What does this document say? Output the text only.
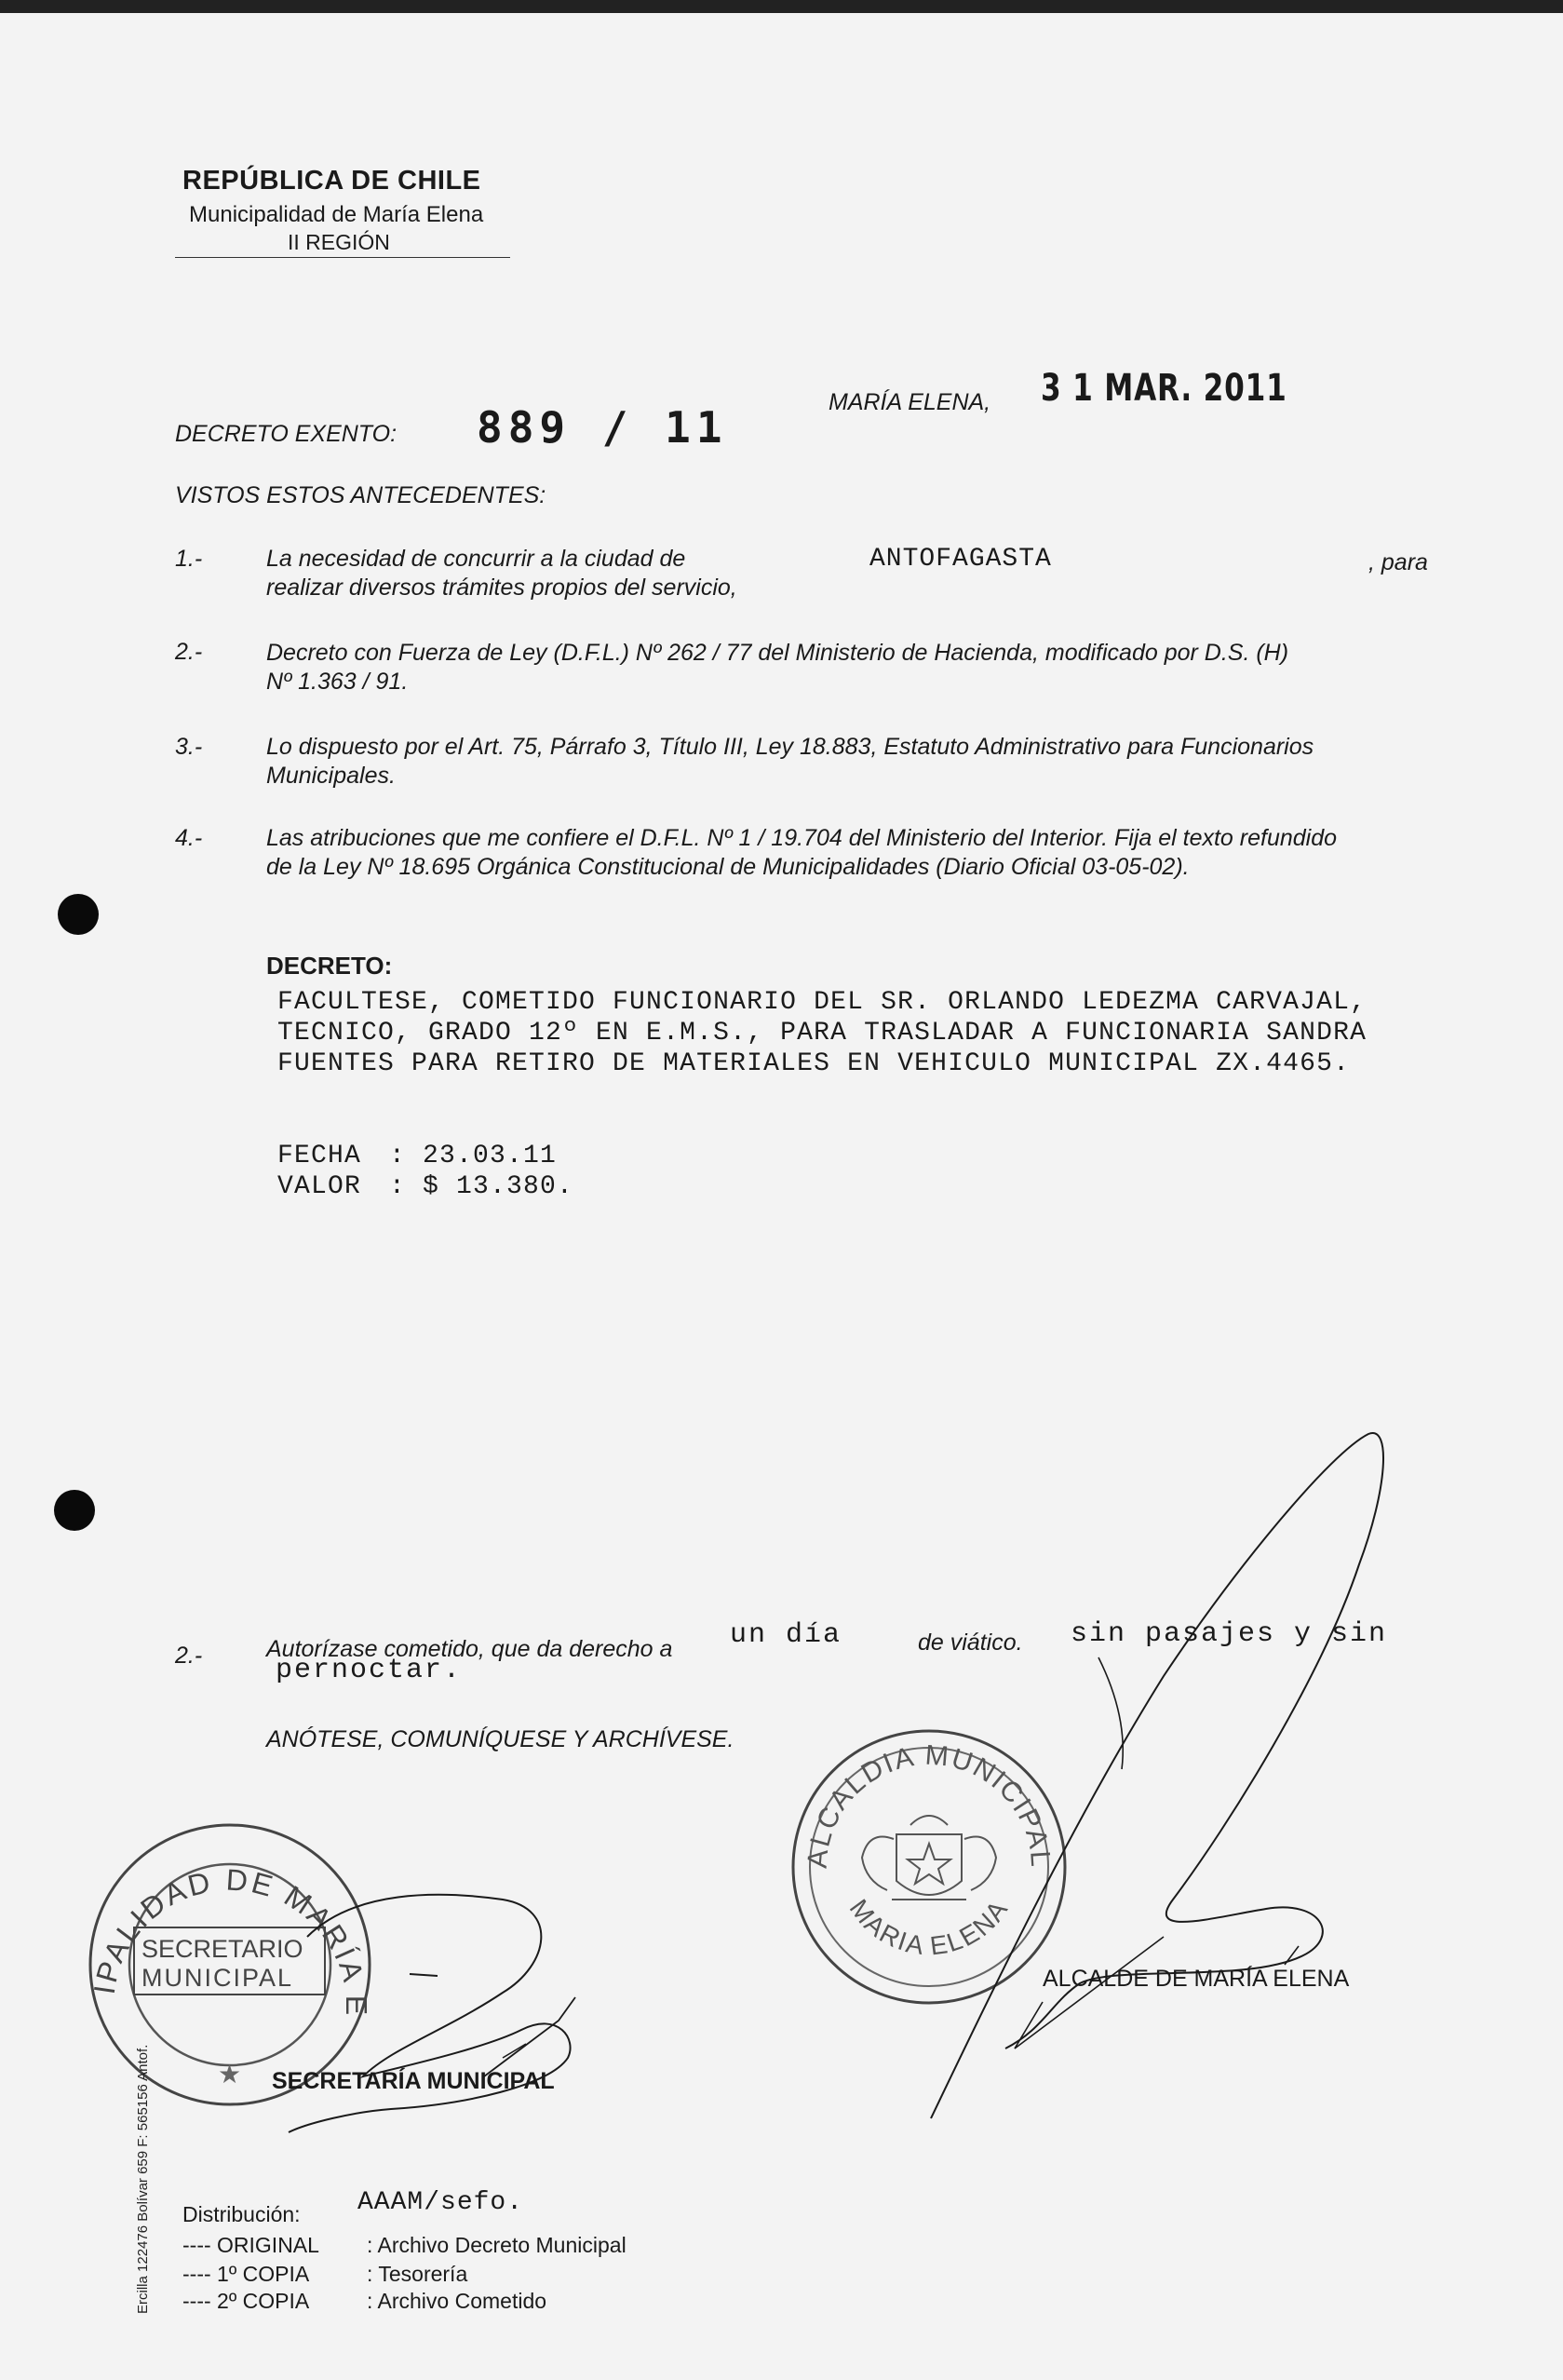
REPÚBLICA DE CHILE
Municipalidad de María Elena
II REGIÓN
DECRETO EXENTO: 889 / 11	MARÍA ELENA, 3 1 MAR. 2011
VISTOS ESTOS ANTECEDENTES:
1.-	La necesidad de concurrir a la ciudad de	ANTOFAGASTA	, para
realizar diversos trámites propios del servicio,
2.-	Decreto con Fuerza de Ley (D.F.L.) Nº 262 / 77 del Ministerio de Hacienda, modificado por D.S. (H)
Nº 1.363 / 91.
3.-	Lo dispuesto por el Art. 75, Párrafo 3, Título III, Ley 18.883, Estatuto Administrativo para Funcionarios
Municipales.
4.-	Las atribuciones que me confiere el D.F.L. Nº 1 / 19.704 del Ministerio del Interior. Fija el texto refundido
de la Ley Nº 18.695 Orgánica Constitucional de Municipalidades (Diario Oficial 03-05-02).
DECRETO:
FACULTESE, COMETIDO FUNCIONARIO DEL SR. ORLANDO LEDEZMA CARVAJAL,
TECNICO, GRADO 12º EN E.M.S., PARA TRASLADAR A FUNCIONARIA SANDRA
FUENTES PARA RETIRO DE MATERIALES EN VEHICULO MUNICIPAL ZX.4465.
FECHA : 23.03.11
VALOR : $ 13.380.
2.-	Autorízase cometido, que da derecho a un día	de viático. sin pasajes y sin
pernoctar.
ANÓTESE, COMUNÍQUESE Y ARCHÍVESE.
ALCALDIA MUNICIPAL
MARIA ELENA
MUNICIPALIDAD DE MARÍA ELENA
SECRETARIO
MUNICIPAL
★ SECRETARÍA MUNICIPAL
ALCALDE DE MARÍA ELENA
Ercilla 122476 Bolívar 659 F: 565156 Antof. Distribución: AAAM/sefo.
---- ORIGINAL : Archivo Decreto Municipal
---- 1º COPIA	: Tesorería
---- 2º COPIA	: Archivo Cometido
